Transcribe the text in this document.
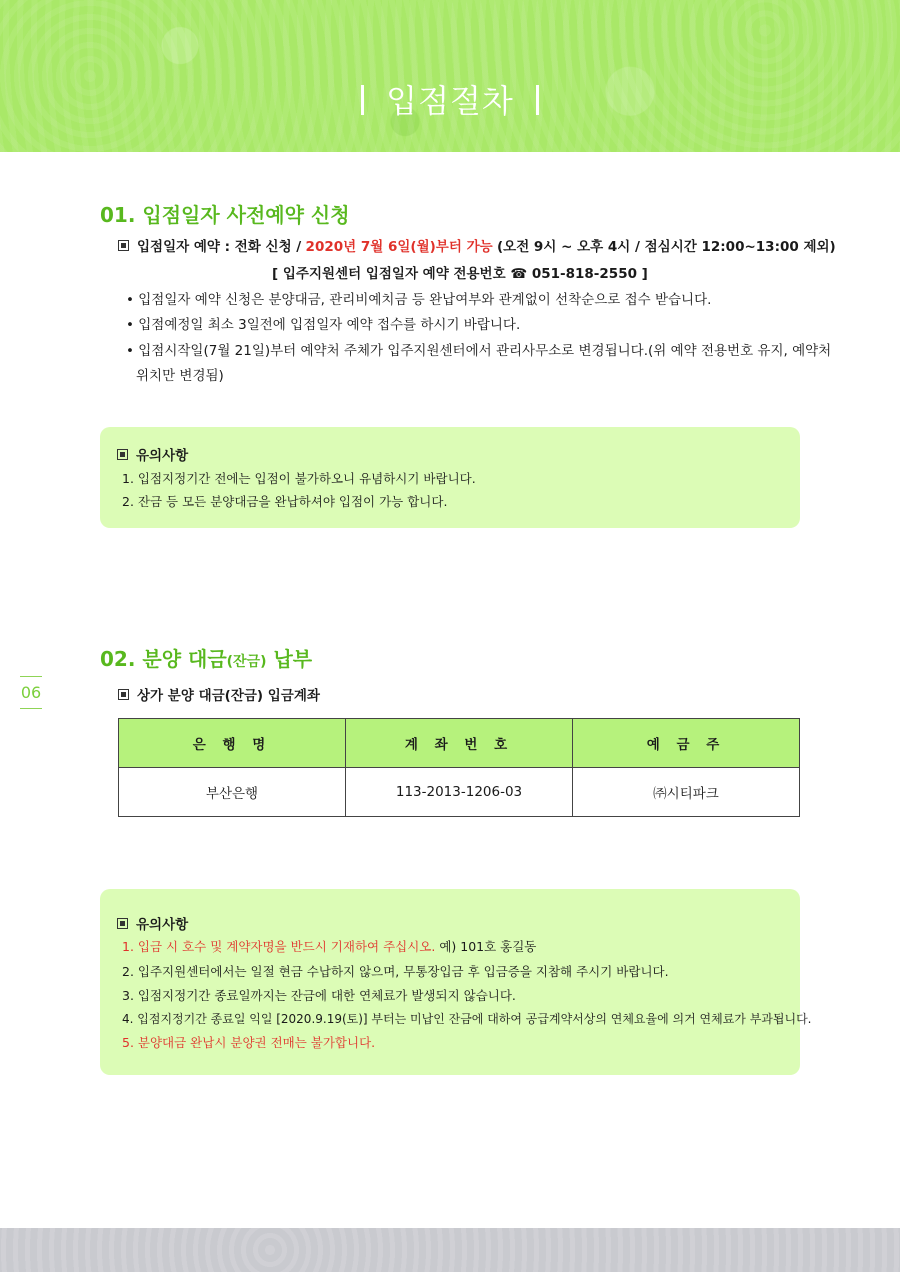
입점절차
01. 입점일자 사전예약 신청
입점일자 예약 : 전화 신청 / 2020년 7월 6일(월)부터 가능 (오전 9시 ~ 오후 4시 / 점심시간 12:00~13:00 제외)
[ 입주지원센터 입점일자 예약 전용번호 ☎ 051-818-2550 ]
• 입점일자 예약 신청은 분양대금, 관리비예치금 등 완납여부와 관계없이 선착순으로 접수 받습니다.
• 입점예정일 최소 3일전에 입점일자 예약 접수를 하시기 바랍니다.
• 입점시작일(7월 21일)부터 예약처 주체가 입주지원센터에서 관리사무소로 변경됩니다.(위 예약 전용번호 유지, 예약처
위치만 변경됨)
유의사항
1. 입점지정기간 전에는 입점이 불가하오니 유념하시기 바랍니다.
2. 잔금 등 모든 분양대금을 완납하셔야 입점이 가능 합니다.
06
02. 분양 대금(잔금) 납부
상가 분양 대금(잔금) 입금계좌
은 행 명	계 좌 번 호	예 금 주
부산은행	113-2013-1206-03	㈜시티파크
유의사항
1. 입금 시 호수 및 계약자명을 반드시 기재하여 주십시오. 예) 101호 홍길동
2. 입주지원센터에서는 일절 현금 수납하지 않으며, 무통장입금 후 입금증을 지참해 주시기 바랍니다.
3. 입점지정기간 종료일까지는 잔금에 대한 연체료가 발생되지 않습니다.
4. 입점지정기간 종료일 익일 [2020.9.19(토)] 부터는 미납인 잔금에 대하여 공급계약서상의 연체요율에 의거 연체료가 부과됩니다.
5. 분양대금 완납시 분양권 전매는 불가합니다.
